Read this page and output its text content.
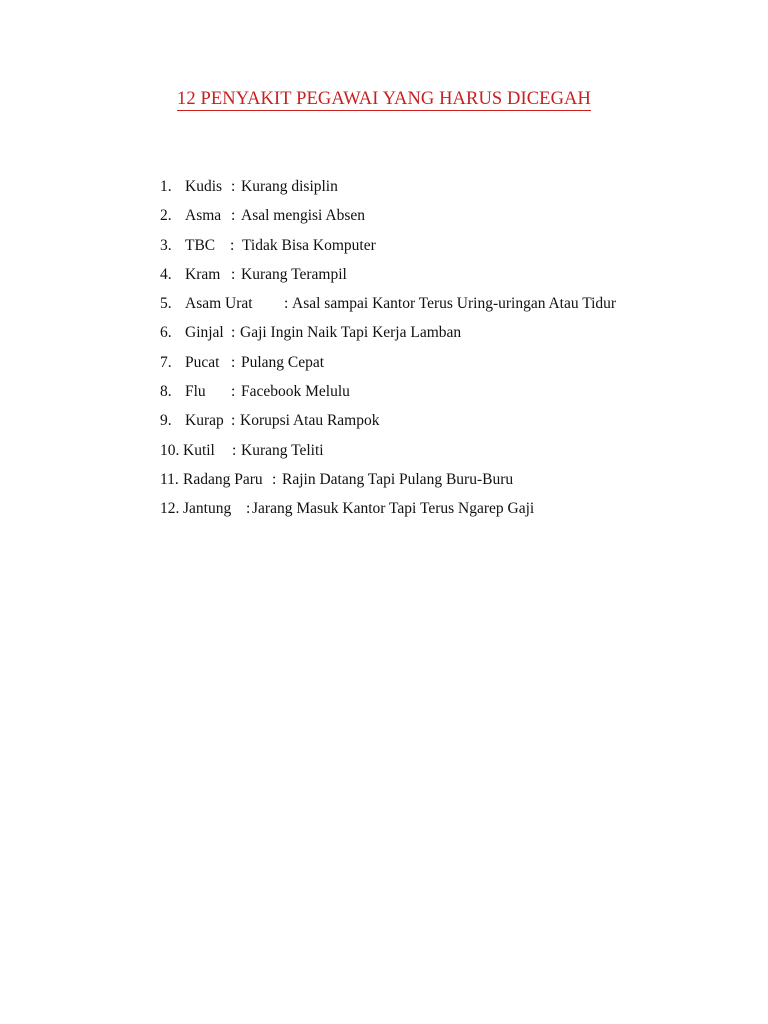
12 PENYAKIT PEGAWAI YANG HARUS DICEGAH
1. Kudis : Kurang disiplin
2. Asma : Asal mengisi Absen
3. TBC : Tidak Bisa Komputer
4. Kram : Kurang Terampil
5. Asam Urat : Asal sampai Kantor Terus Uring-uringan Atau Tidur
6. Ginjal : Gaji Ingin Naik Tapi Kerja Lamban
7. Pucat : Pulang Cepat
8. Flu : Facebook Melulu
9. Kurap : Korupsi Atau Rampok
10. Kutil : Kurang Teliti
11. Radang Paru : Rajin Datang Tapi Pulang Buru-Buru
12. Jantung : Jarang Masuk Kantor Tapi Terus Ngarep Gaji
